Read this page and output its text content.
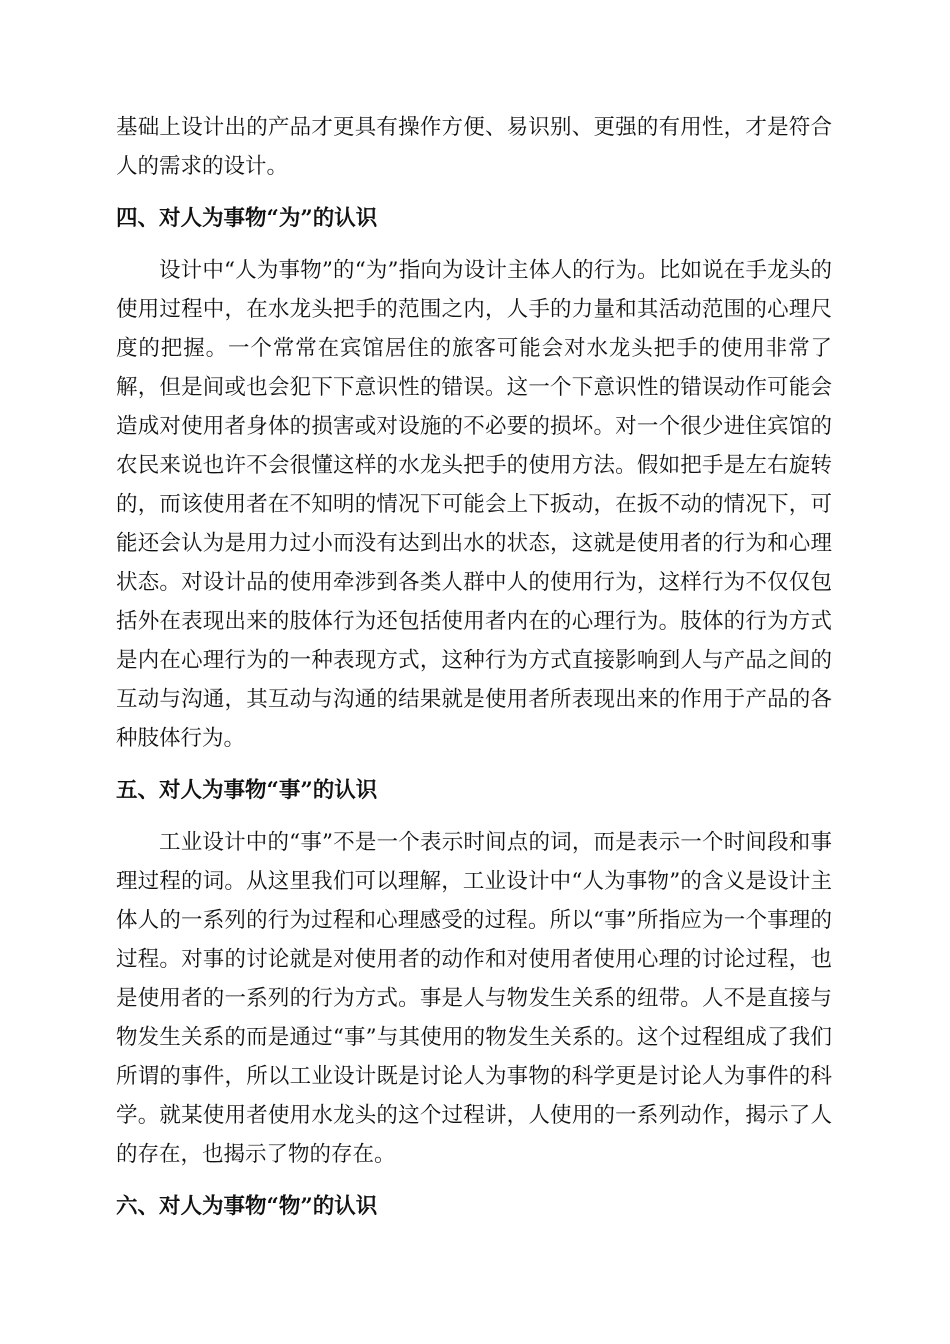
基础上设计出的产品才更具有操作方便、易识别、更强的有用性，才是符合人的需求的设计。

四、对人为事物“为”的认识

设计中“人为事物”的“为”指向为设计主体人的行为。比如说在手龙头的使用过程中，在水龙头把手的范围之内，人手的力量和其活动范围的心理尺度的把握。一个常常在宾馆居住的旅客可能会对水龙头把手的使用非常了解，但是间或也会犯下下意识性的错误。这一个下意识性的错误动作可能会造成对使用者身体的损害或对设施的不必要的损坏。对一个很少进住宾馆的农民来说也许不会很懂这样的水龙头把手的使用方法。假如把手是左右旋转的，而该使用者在不知明的情况下可能会上下扳动，在扳不动的情况下，可能还会认为是用力过小而没有达到出水的状态，这就是使用者的行为和心理状态。对设计品的使用牵涉到各类人群中人的使用行为，这样行为不仅仅包括外在表现出来的肢体行为还包括使用者内在的心理行为。肢体的行为方式是内在心理行为的一种表现方式，这种行为方式直接影响到人与产品之间的互动与沟通，其互动与沟通的结果就是使用者所表现出来的作用于产品的各种肢体行为。

五、对人为事物“事”的认识

工业设计中的“事”不是一个表示时间点的词，而是表示一个时间段和事理过程的词。从这里我们可以理解，工业设计中“人为事物”的含义是设计主体人的一系列的行为过程和心理感受的过程。所以“事”所指应为一个事理的过程。对事的讨论就是对使用者的动作和对使用者使用心理的讨论过程，也是使用者的一系列的行为方式。事是人与物发生关系的纽带。人不是直接与物发生关系的而是通过“事”与其使用的物发生关系的。这个过程组成了我们所谓的事件，所以工业设计既是讨论人为事物的科学更是讨论人为事件的科学。就某使用者使用水龙头的这个过程讲，人使用的一系列动作，揭示了人的存在，也揭示了物的存在。

六、对人为事物“物”的认识
